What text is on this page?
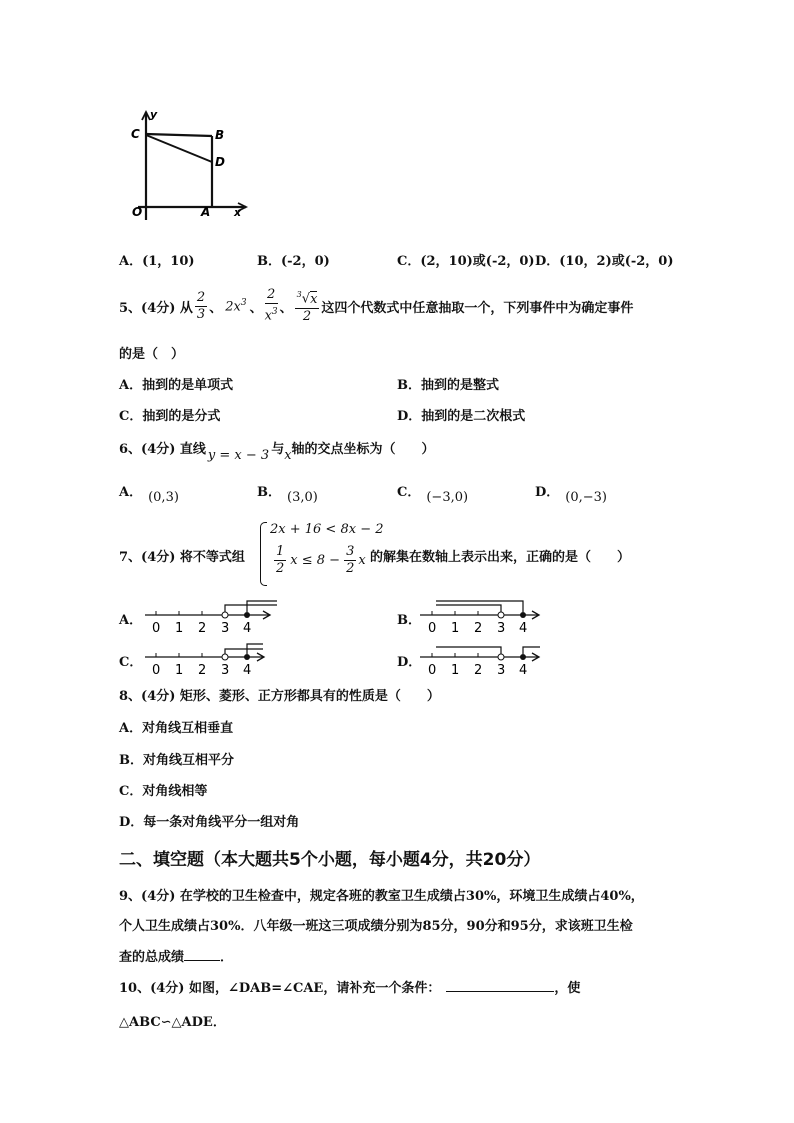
y
C	B
D
O	A x
A．(1，10)	B．(-2，0)	C．(2，10)或(-2，0) D．(10，2)或(-2，0)
5、(4分) 从 $\frac{2}{3}$ 、 $2x^3$ 、 $\frac{2}{x^3}$ 、 $\frac{^3√x}{2}$ 这四个代数式中任意抽取一个，下列事件中为确定事件
的是（　）
A．抽到的是单项式	B．抽到的是整式
C．抽到的是分式	D．抽到的是二次根式
6、(4分) 直线 y = x − 3 与x轴的交点坐标为（　　）
A． (0,3)	B． (3,0)	C． (−3,0)	D． (0,−3)
7、(4分) 将不等式组
2x + 16 < 8x − 2
$\frac{1}{2}$ $x \le 8 - \frac{3}{2}$ x 的解集在数轴上表示出来，正确的是（　　）
A．
0 1 2 3 4
B．
0 1 2 3 4
C．
0 1 2 3 4
D．
0 1 2 3 4
8、(4分) 矩形、菱形、正方形都具有的性质是（　　）
A．对角线互相垂直
B．对角线互相平分
C．对角线相等
D．每一条对角线平分一组对角
二、填空题（本大题共5个小题，每小题4分，共20分）
9、(4分) 在学校的卫生检查中，规定各班的教室卫生成绩占30%，环境卫生成绩占40%，
个人卫生成绩占30%．八年级一班这三项成绩分别为85分，90分和95分，求该班卫生检
查的总成绩	．
10、(4分) 如图，∠DAB=∠CAE，请补充一个条件：	，使
△ABC∽△ADE．
